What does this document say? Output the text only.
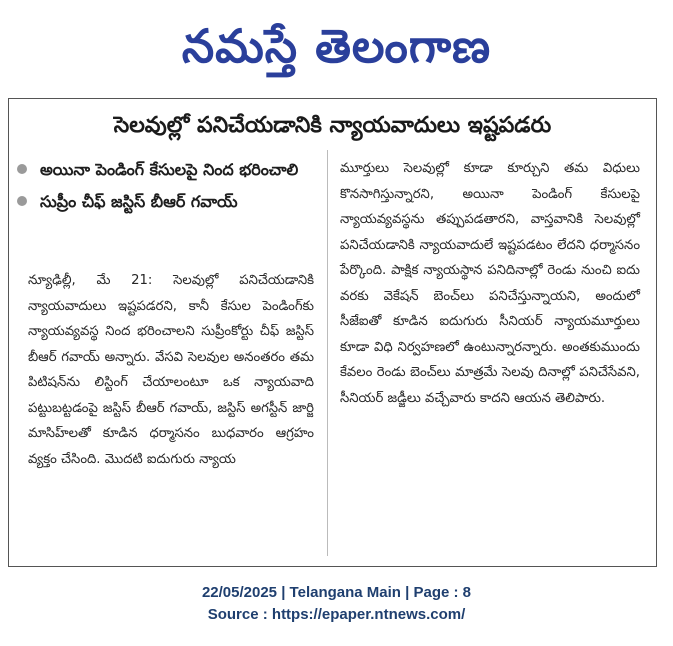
నమస్తే తెలంగాణ
సెలవుల్లో పనిచేయడానికి న్యాయవాదులు ఇష్టపడరు
అయినా పెండింగ్ కేసులపై నింద భరించాలి
సుప్రీం చీఫ్ జస్టిస్ బీఆర్ గవాయ్
న్యూఢిల్లీ, మే 21: సెలవుల్లో పనిచేయడానికి న్యాయవాదులు ఇష్టపడరని, కానీ కేసుల పెండింగ్‌కు న్యాయవ్యవస్థ నింద భరించాలని సుప్రీంకోర్టు చీఫ్ జస్టిస్ బీఆర్ గవాయ్ అన్నారు. వేసవి సెలవుల అనంతరం తమ పిటిషన్‌ను లిస్టింగ్ చేయాలంటూ ఒక న్యాయవాది పట్టుబట్టడంపై జస్టిస్ బీఆర్ గవాయ్, జస్టిస్ అగస్టీన్ జార్జి మాసిహ్‌లతో కూడిన ధర్మాసనం బుధవారం ఆగ్రహం వ్యక్తం చేసింది. మొదటి ఐదుగురు న్యాయ
మూర్తులు సెలవుల్లో కూడా కూర్చుని తమ విధులు కొనసాగిస్తున్నారని, అయినా పెండింగ్ కేసులపై న్యాయవ్యవస్థను తప్పుపడతారని, వాస్తవానికి సెలవుల్లో పనిచేయడానికి న్యాయవాదులే ఇష్టపడటం లేదని ధర్మాసనం పేర్కొంది. పాక్షిక న్యాయస్థాన పనిదినాల్లో రెండు నుంచి ఐదు వరకు వెకేషన్ బెంచ్‌లు పనిచేస్తున్నాయని, అందులో సీజేఐతో కూడిన ఐదుగురు సీనియర్ న్యాయమూర్తులు కూడా విధి నిర్వహణలో ఉంటున్నారన్నారు. అంతకుముందు కేవలం రెండు బెంచ్‌లు మాత్రమే సెలవు దినాల్లో పనిచేసేవని, సీనియర్ జడ్జీలు వచ్చేవారు కాదని ఆయన తెలిపారు.
22/05/2025 | Telangana Main | Page : 8
Source : https://epaper.ntnews.com/
